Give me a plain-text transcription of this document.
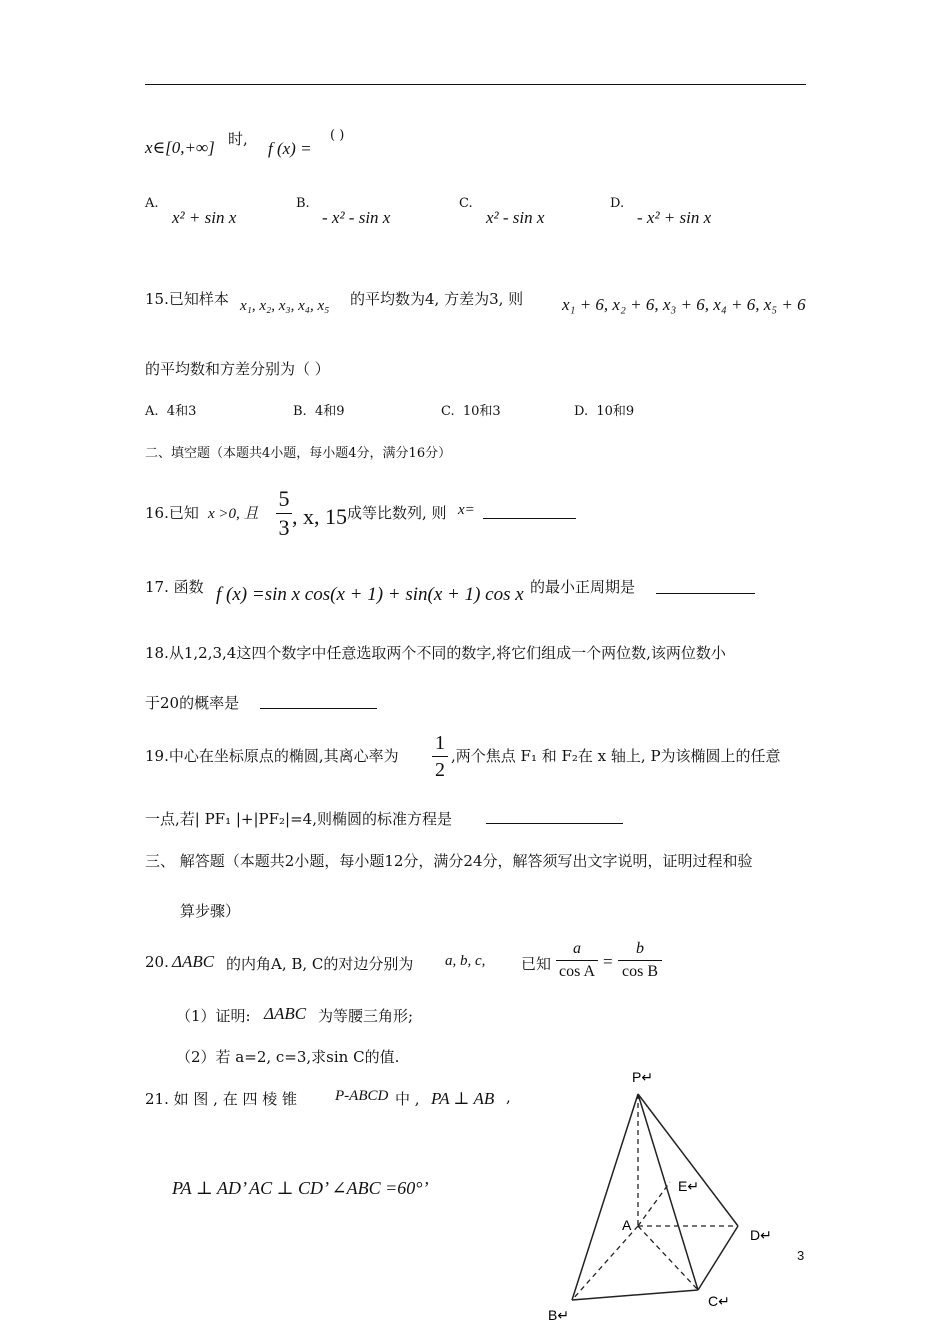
x∈[0,+∞] 时, f (x) =
( )
A.
x² + sin x
B.
- x² - sin x
C.
x² - sin x
D.
- x² + sin x
15.已知样本 x₁, x₂, x₃, x₄, x₅ 的平均数为4, 方差为3, 则 x₁ + 6, x₂ + 6, x₃ + 6, x₄ + 6, x₅ + 6
的平均数和方差分别为（ ）
A. 4和3	B. 4和9	C. 10和3	D. 10和9
二、填空题（本题共4小题，每小题4分，满分16分）
16.已知 x >0, 且
5
3 , x, 15 成等比数列, 则 x=
17. 函数 f (x) =sin x cos(x + 1) + sin(x + 1) cos x 的最小正周期是
18.从1,2,3,4这四个数字中任意选取两个不同的数字,将它们组成一个两位数,该两位数小
于20的概率是
19.中心在坐标原点的椭圆,其离心率为
1
2
,两个焦点 F₁ 和 F₂在 x 轴上, P为该椭圆上的任意
一点,若| PF₁ |+|PF₂|=4,则椭圆的标准方程是
三、 解答题（本题共2小题，每小题12分，满分24分，解答须写出文字说明，证明过程和验
算步骤）
20. ΔABC 的内角A, B, C的对边分别为 a, b, c, 已知
a
cos A
=
b
cos B
（1）证明: ΔABC 为等腰三角形;
（2）若 a=2, c=3,求sin C的值.
21. 如 图 , 在 四 棱 锥	P-ABCD 中 , PA ⊥ AB ,
PA ⊥ AD’ AC ⊥ CD’ ∠ABC =60°’
P↵
E↵
A
D↵
B↵
C↵
3
